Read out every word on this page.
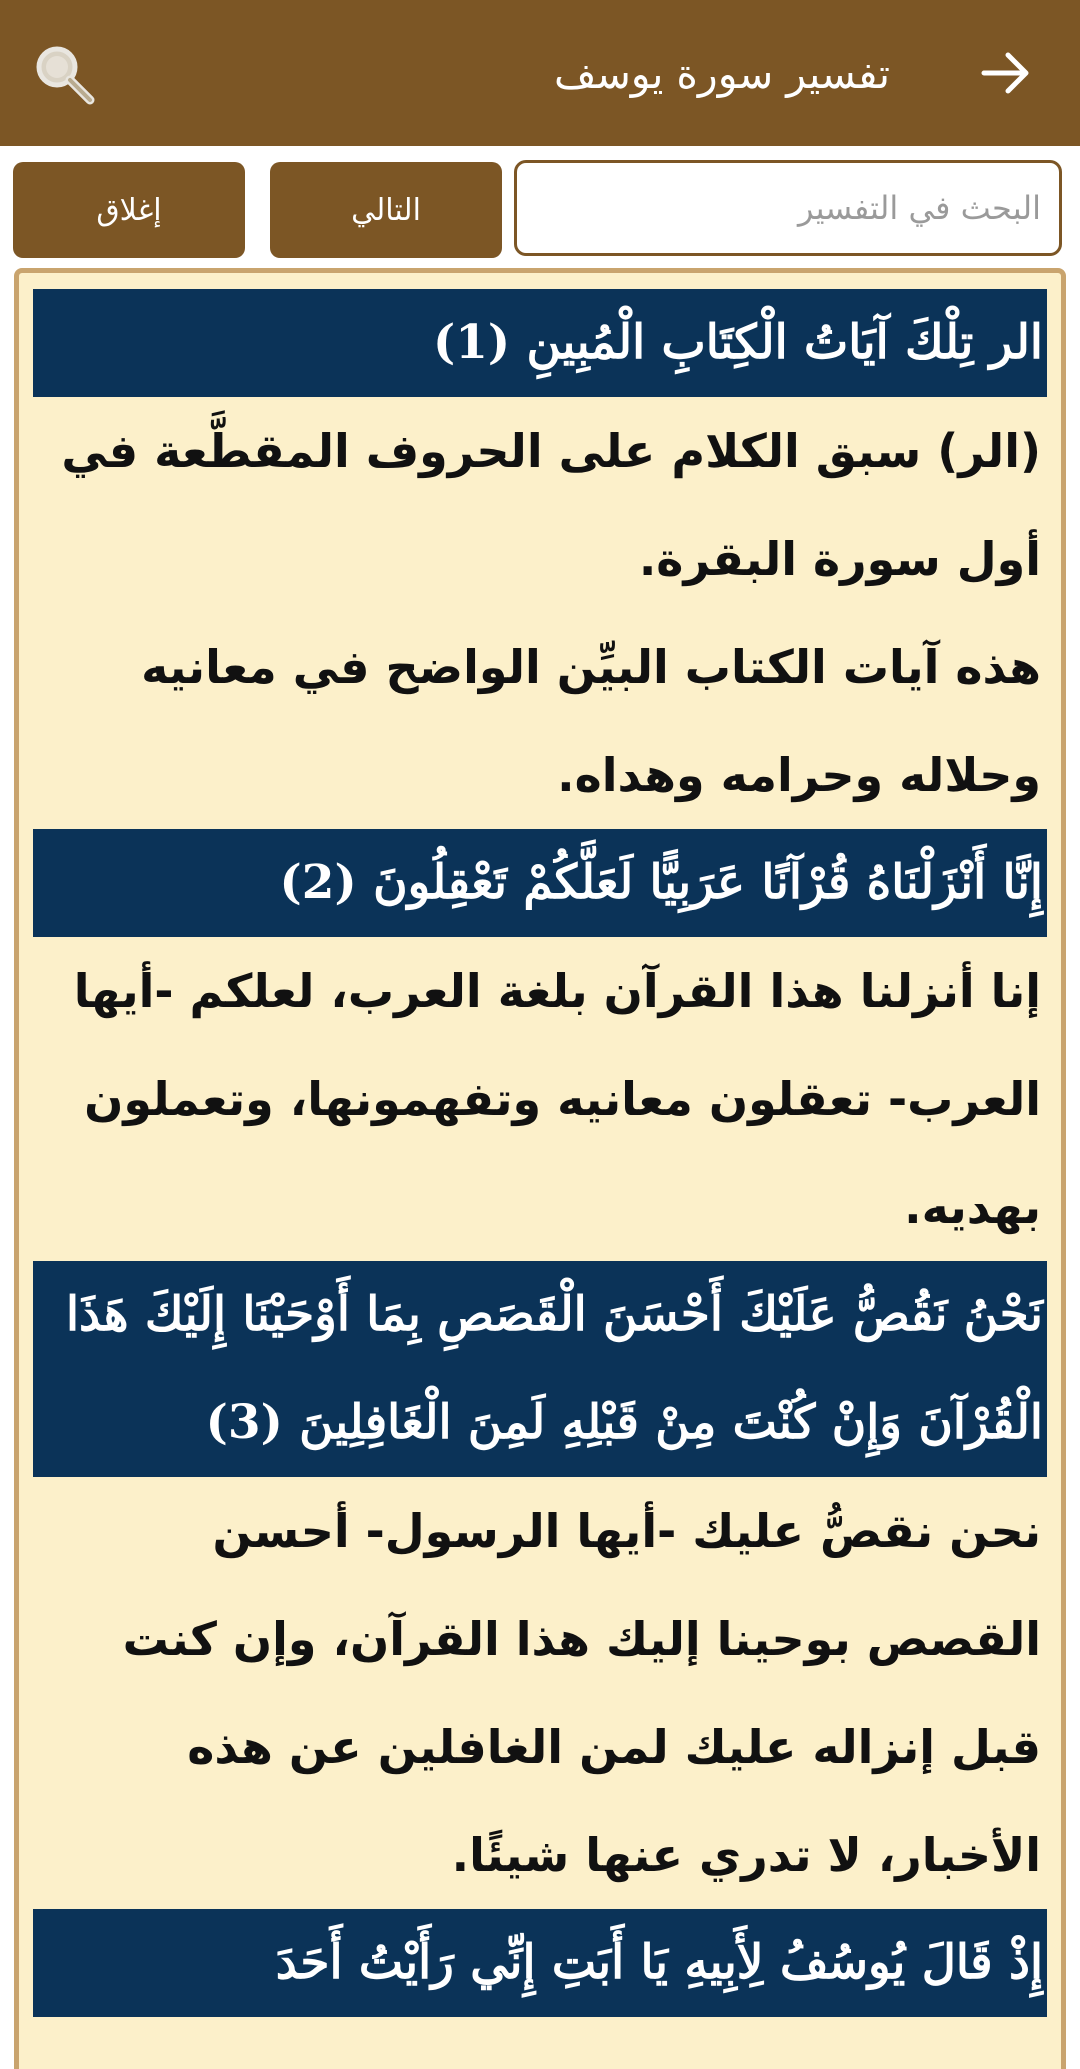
تفسير سورة يوسف
البحث في التفسير
التالي
إغلاق
الر تِلْكَ آيَاتُ الْكِتَابِ الْمُبِينِ (1)
(الر) سبق الكلام على الحروف المقطَّعة في أول سورة البقرة.
هذه آيات الكتاب البيِّن الواضح في معانيه وحلاله وحرامه وهداه.
إِنَّا أَنْزَلْنَاهُ قُرْآنًا عَرَبِيًّا لَعَلَّكُمْ تَعْقِلُونَ (2)
إنا أنزلنا هذا القرآن بلغة العرب، لعلكم -أيها العرب- تعقلون معانيه وتفهمونها، وتعملون بهديه.
نَحْنُ نَقُصُّ عَلَيْكَ أَحْسَنَ الْقَصَصِ بِمَا أَوْحَيْنَا إِلَيْكَ هَذَا الْقُرْآنَ وَإِنْ كُنْتَ مِنْ قَبْلِهِ لَمِنَ الْغَافِلِينَ (3)
نحن نقصُّ عليك -أيها الرسول- أحسن القصص بوحينا إليك هذا القرآن، وإن كنت قبل إنزاله عليك لمن الغافلين عن هذه الأخبار، لا تدري عنها شيئًا.
إِذْ قَالَ يُوسُفُ لِأَبِيهِ يَا أَبَتِ إِنِّي رَأَيْتُ أَحَدَ
